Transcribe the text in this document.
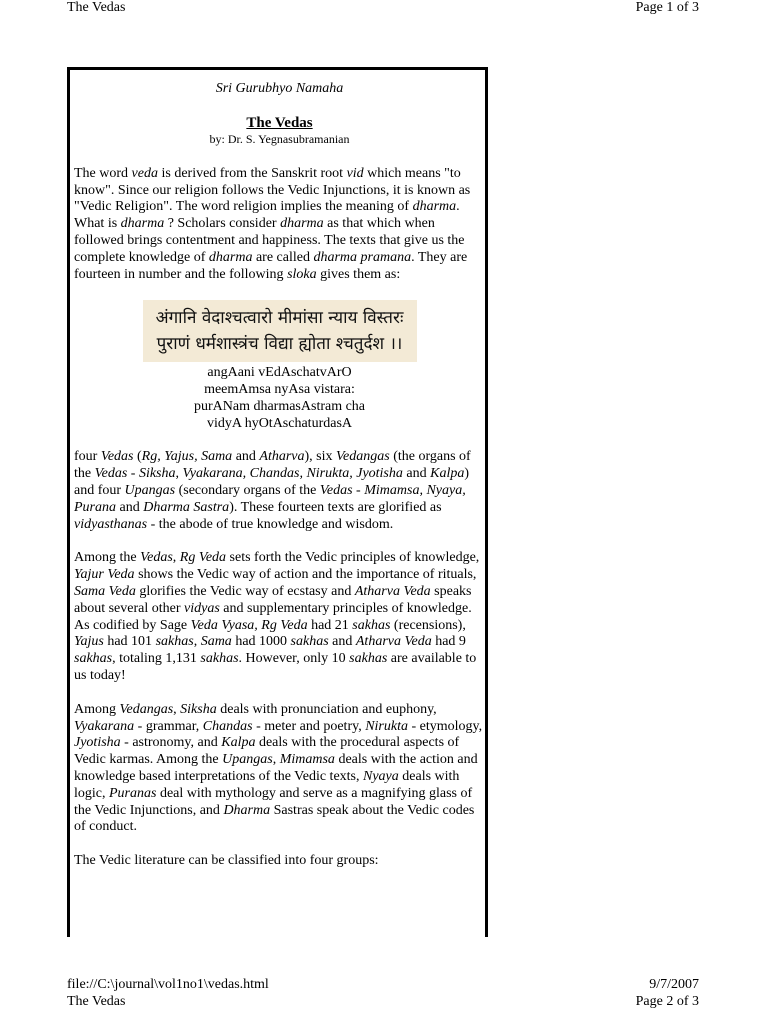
The Vedas	Page 1 of 3

Sri Gurubhyo Namaha

The Vedas
by: Dr. S. Yegnasubramanian

The word veda is derived from the Sanskrit root vid which means "to know". Since our religion follows the Vedic Injunctions, it is known as "Vedic Religion". The word religion implies the meaning of dharma. What is dharma ? Scholars consider dharma as that which when followed brings contentment and happiness. The texts that give us the complete knowledge of dharma are called dharma pramana. They are fourteen in number and the following sloka gives them as:

अंगानि वेदाश्चत्वारो मीमांसा न्याय विस्तरः
पुराणं धर्मशास्त्रंच विद्या ह्योता श्चतुर्दश ।।
angAani vEdAschatvArO
meemAmsa nyAsa vistara:
purANam dharmasAstram cha
vidyA hyOtAschaturdasA

four Vedas (Rg, Yajus, Sama and Atharva), six Vedangas (the organs of the Vedas - Siksha, Vyakarana, Chandas, Nirukta, Jyotisha and Kalpa) and four Upangas (secondary organs of the Vedas - Mimamsa, Nyaya, Purana and Dharma Sastra). These fourteen texts are glorified as vidyasthanas - the abode of true knowledge and wisdom.

Among the Vedas, Rg Veda sets forth the Vedic principles of knowledge, Yajur Veda shows the Vedic way of action and the importance of rituals, Sama Veda glorifies the Vedic way of ecstasy and Atharva Veda speaks about several other vidyas and supplementary principles of knowledge. As codified by Sage Veda Vyasa, Rg Veda had 21 sakhas (recensions), Yajus had 101 sakhas, Sama had 1000 sakhas and Atharva Veda had 9 sakhas, totaling 1,131 sakhas. However, only 10 sakhas are available to us today!

Among Vedangas, Siksha deals with pronunciation and euphony, Vyakarana - grammar, Chandas - meter and poetry, Nirukta - etymology, Jyotisha - astronomy, and Kalpa deals with the procedural aspects of Vedic karmas. Among the Upangas, Mimamsa deals with the action and knowledge based interpretations of the Vedic texts, Nyaya deals with logic, Puranas deal with mythology and serve as a magnifying glass of the Vedic Injunctions, and Dharma Sastras speak about the Vedic codes of conduct.

The Vedic literature can be classified into four groups:

file://C:\journal\vol1no1\vedas.html	9/7/2007
The Vedas	Page 2 of 3
